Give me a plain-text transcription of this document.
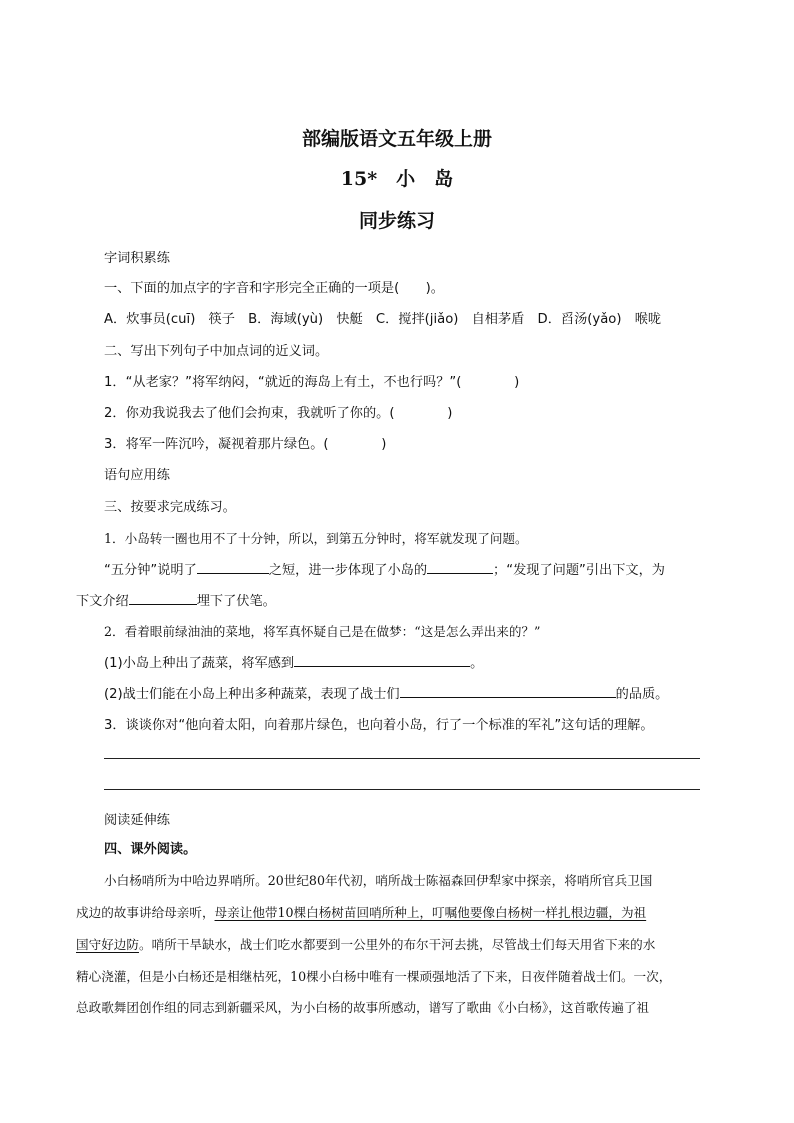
部编版语文五年级上册
15*　小　岛
同步练习
字词积累练
一、下面的加点字的字音和字形完全正确的一项是(　　)。
A．炊事员(cuī)　筷子　B．海域(yù)　快艇　C．搅拌(jiǎo)　自相茅盾　D．舀汤(yǎo)　喉咙
二、写出下列句子中加点词的近义词。
1．“从老家？”将军纳闷，“就近的海岛上有土，不也行吗？”(　　　　)
2．你劝我说我去了他们会拘束，我就听了你的。(　　　　)
3．将军一阵沉吟，凝视着那片绿色。(　　　　)
语句应用练
三、按要求完成练习。
1．小岛转一圈也用不了十分钟，所以，到第五分钟时，将军就发现了问题。
“五分钟”说明了	之短，进一步体现了小岛的	；“发现了问题”引出下文，为
下文介绍	埋下了伏笔。
2．看着眼前绿油油的菜地，将军真怀疑自己是在做梦：“这是怎么弄出来的？”
(1)小岛上种出了蔬菜，将军感到	。
(2)战士们能在小岛上种出多种蔬菜，表现了战士们	的品质。
3．谈谈你对“他向着太阳，向着那片绿色，也向着小岛，行了一个标准的军礼”这句话的理解。
阅读延伸练
四、课外阅读。
小白杨哨所为中哈边界哨所。20世纪80年代初，哨所战士陈福森回伊犁家中探亲，将哨所官兵卫国
戍边的故事讲给母亲听，母亲让他带10棵白杨树苗回哨所种上，叮嘱他要像白杨树一样扎根边疆，为祖
国守好边防。哨所干旱缺水，战士们吃水都要到一公里外的布尔干河去挑，尽管战士们每天用省下来的水
精心浇灌，但是小白杨还是相继枯死，10棵小白杨中唯有一棵顽强地活了下来，日夜伴随着战士们。一次，
总政歌舞团创作组的同志到新疆采风，为小白杨的故事所感动，谱写了歌曲《小白杨》，这首歌传遍了祖
